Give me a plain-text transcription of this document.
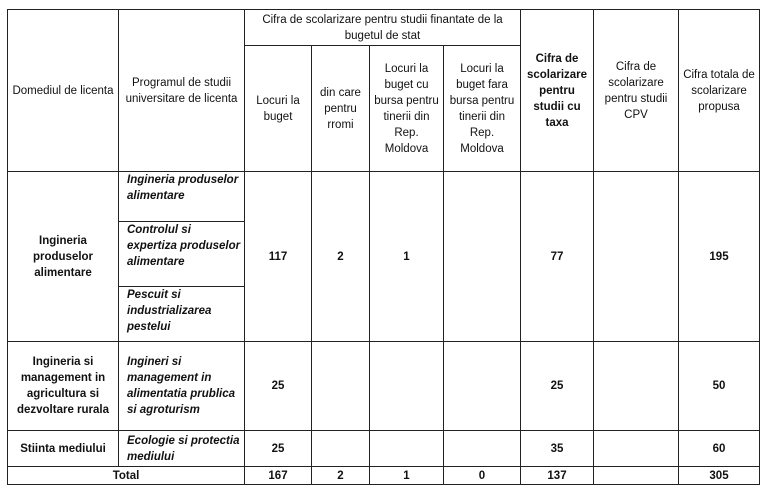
Domediul de licenta	Programul de studii universitare de licenta	Cifra de scolarizare pentru studii finantate de la bugetul de stat				Cifra de scolarizare pentru studii cu taxa	Cifra de scolarizare pentru studii CPV	Cifra totala de scolarizare propusa
		Locuri la buget	din care pentru rromi	Locuri la buget cu bursa pentru tinerii din Rep. Moldova	Locuri la buget fara bursa pentru tinerii din Rep. Moldova			
Ingineria produselor alimentare	Ingineria produselor alimentare	117	2	1		77		195
	Controlul si expertiza produselor alimentare							
	Pescuit si industrializarea pestelui							
Ingineria si management in agricultura si dezvoltare rurala	Ingineri si management in alimentatia prublica si agroturism	25				25		50
Stiinta mediului	Ecologie si protectia mediului	25				35		60
Total		167	2	1	0	137		305
